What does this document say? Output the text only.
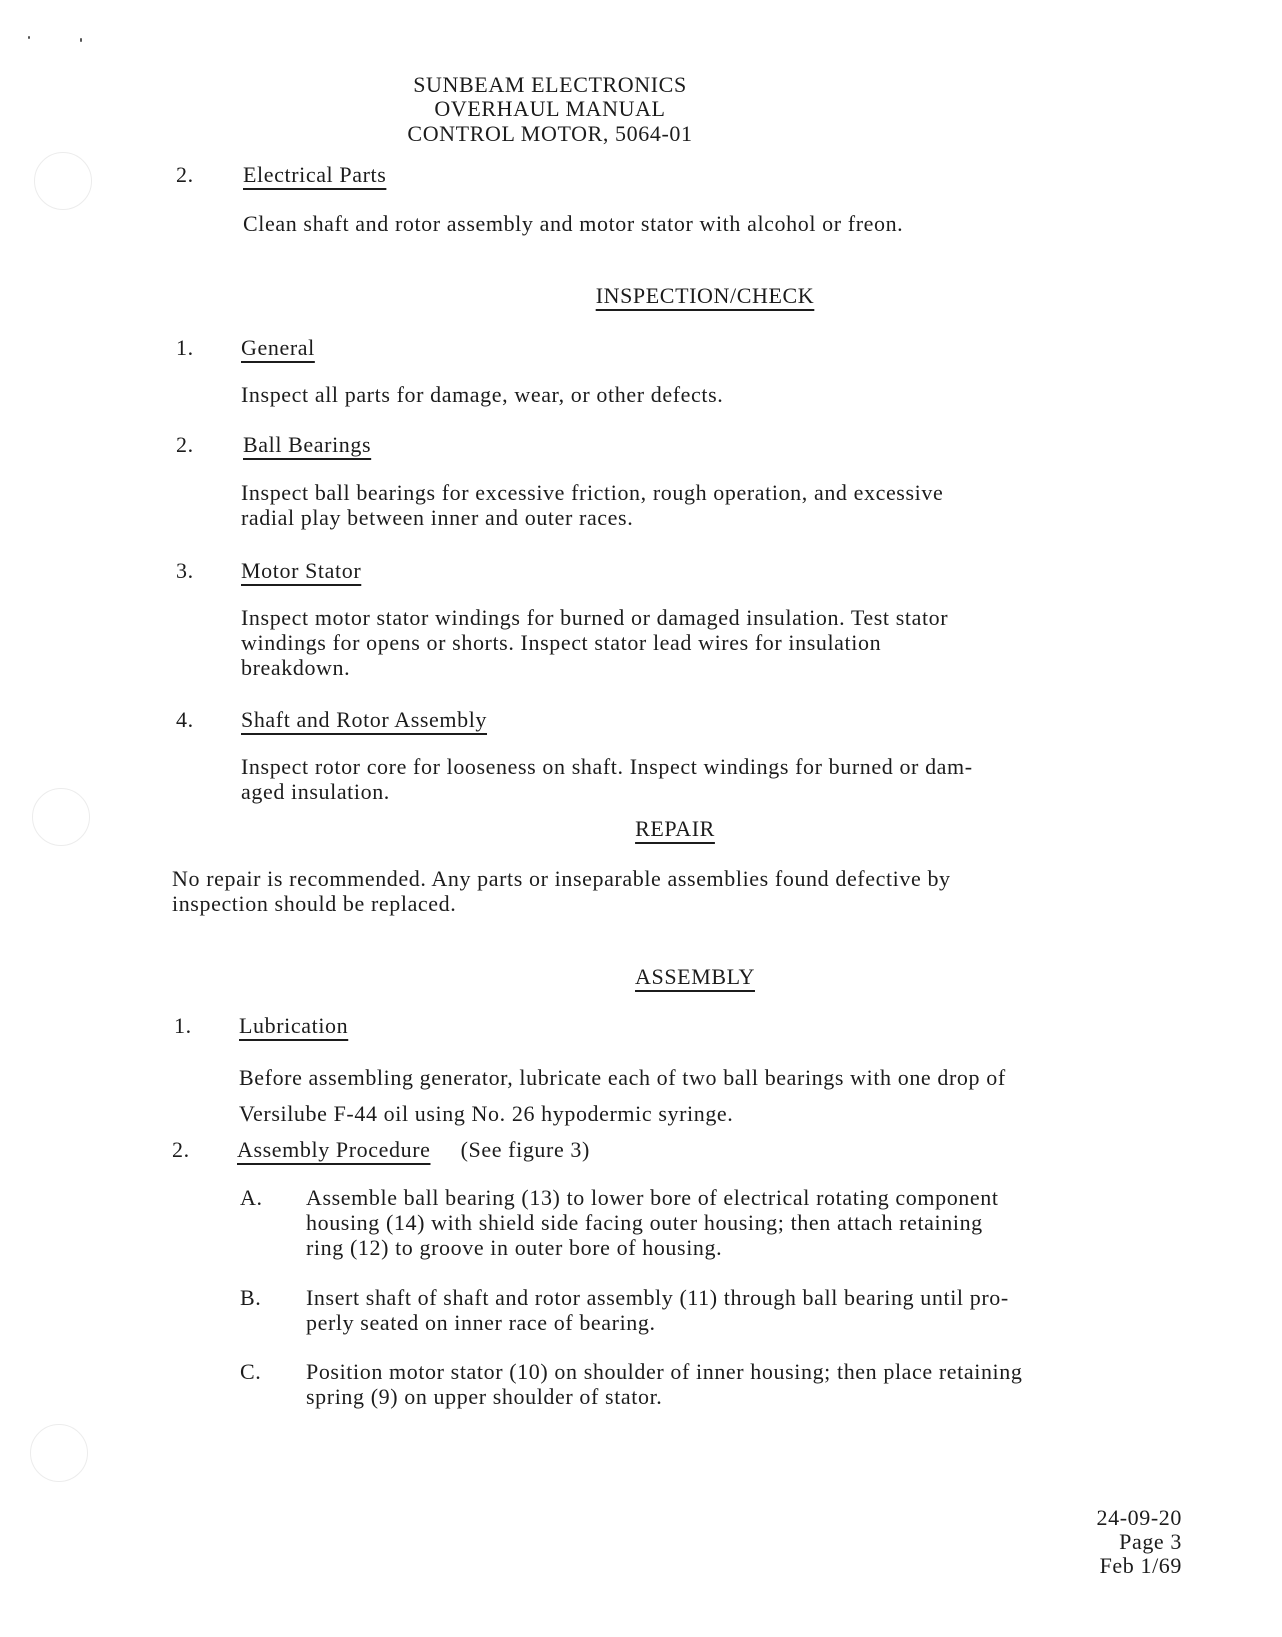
SUNBEAM ELECTRONICS
OVERHAUL MANUAL
CONTROL MOTOR, 5064-01
2. Electrical Parts
Clean shaft and rotor assembly and motor stator with alcohol or freon.
INSPECTION/CHECK
1. General
Inspect all parts for damage, wear, or other defects.
2. Ball Bearings
Inspect ball bearings for excessive friction, rough operation, and excessive
radial play between inner and outer races.
3. Motor Stator
Inspect motor stator windings for burned or damaged insulation. Test stator
windings for opens or shorts. Inspect stator lead wires for insulation
breakdown.
4. Shaft and Rotor Assembly
Inspect rotor core for looseness on shaft. Inspect windings for burned or dam-
aged insulation.
REPAIR
No repair is recommended. Any parts or inseparable assemblies found defective by
inspection should be replaced.
ASSEMBLY
1. Lubrication
Before assembling generator, lubricate each of two ball bearings with one drop of
Versilube F-44 oil using No. 26 hypodermic syringe.
2. Assembly Procedure (See figure 3)
A. Assemble ball bearing (13) to lower bore of electrical rotating component
housing (14) with shield side facing outer housing; then attach retaining
ring (12) to groove in outer bore of housing.
B. Insert shaft of shaft and rotor assembly (11) through ball bearing until pro-
perly seated on inner race of bearing.
C. Position motor stator (10) on shoulder of inner housing; then place retaining
spring (9) on upper shoulder of stator.
24-09-20
Page 3
Feb 1/69
